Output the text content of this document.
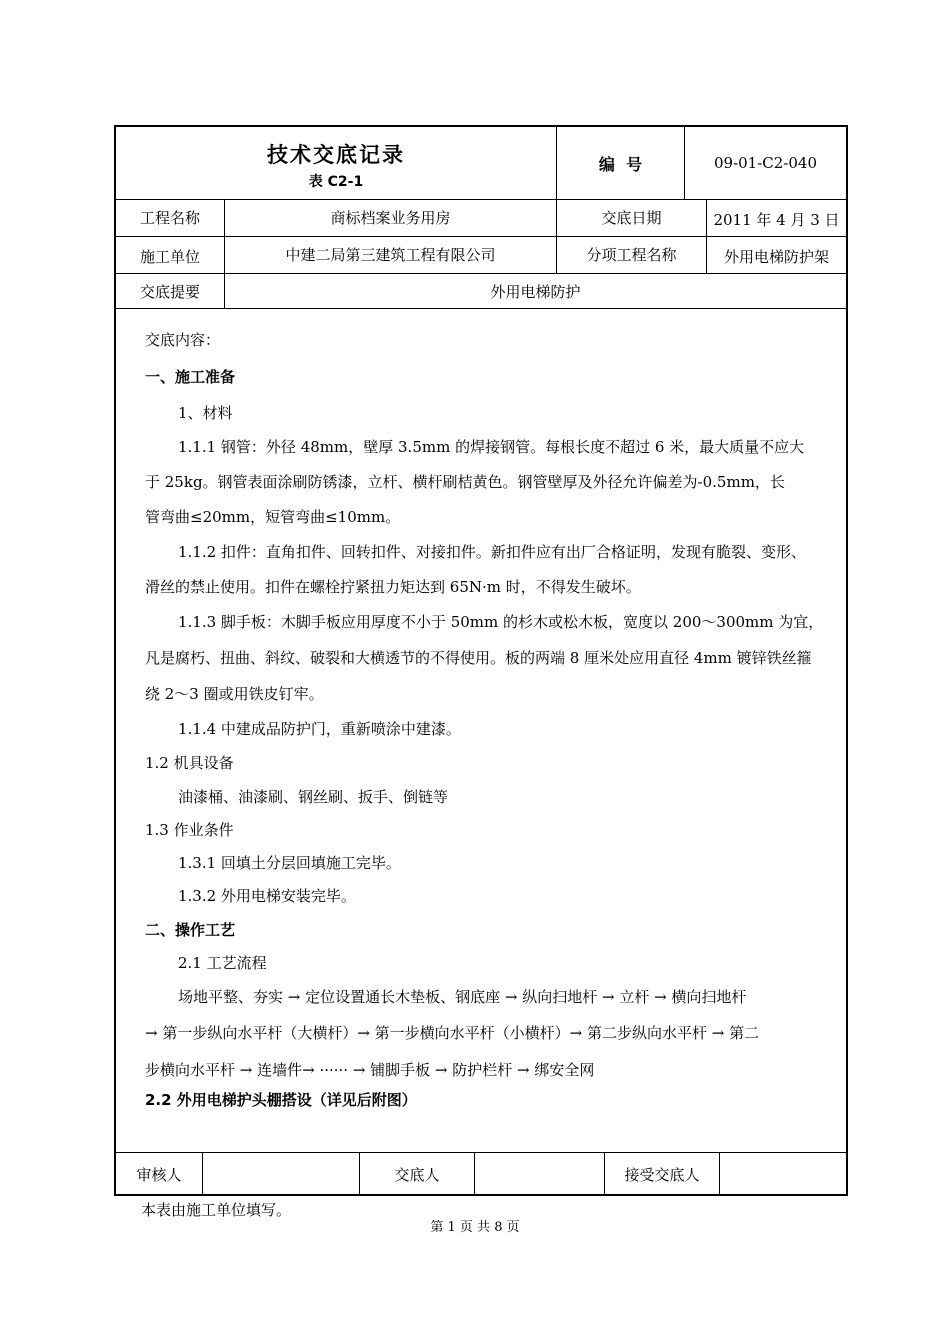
技术交底记录
表 C2-1
编  号	09-01-C2-040
工程名称	商标档案业务用房	交底日期	2011 年 4 月 3 日
施工单位	中建二局第三建筑工程有限公司	分项工程名称	外用电梯防护架
交底提要	外用电梯防护
审核人	交底人	接受交底人
交底内容：
一、施工准备
1、材料
1.1.1 钢管：外径 48mm，壁厚 3.5mm 的焊接钢管。每根长度不超过 6 米，最大质量不应大
于 25kg。钢管表面涂刷防锈漆，立杆、横杆刷桔黄色。钢管壁厚及外径允许偏差为-0.5mm，长
管弯曲≤20mm，短管弯曲≤10mm。
1.1.2 扣件：直角扣件、回转扣件、对接扣件。新扣件应有出厂合格证明，发现有脆裂、变形、
滑丝的禁止使用。扣件在螺栓拧紧扭力矩达到 65N·m 时，不得发生破坏。
1.1.3 脚手板：木脚手板应用厚度不小于 50mm 的杉木或松木板，宽度以 200～300mm 为宜，
凡是腐朽、扭曲、斜纹、破裂和大横透节的不得使用。板的两端 8 厘米处应用直径 4mm 镀锌铁丝箍
绕 2～3 圈或用铁皮钉牢。
1.1.4 中建成品防护门，重新喷涂中建漆。
1.2 机具设备
油漆桶、油漆刷、钢丝刷、扳手、倒链等
1.3 作业条件
1.3.1 回填土分层回填施工完毕。
1.3.2 外用电梯安装完毕。
二、操作工艺
2.1 工艺流程
场地平整、夯实 → 定位设置通长木垫板、钢底座 → 纵向扫地杆 → 立杆 → 横向扫地杆
→ 第一步纵向水平杆（大横杆）→ 第一步横向水平杆（小横杆）→ 第二步纵向水平杆 → 第二
步横向水平杆 → 连墙件→ ······ → 铺脚手板 → 防护栏杆 → 绑安全网
2.2 外用电梯护头棚搭设（详见后附图）
本表由施工单位填写。
第 1 页 共 8 页
